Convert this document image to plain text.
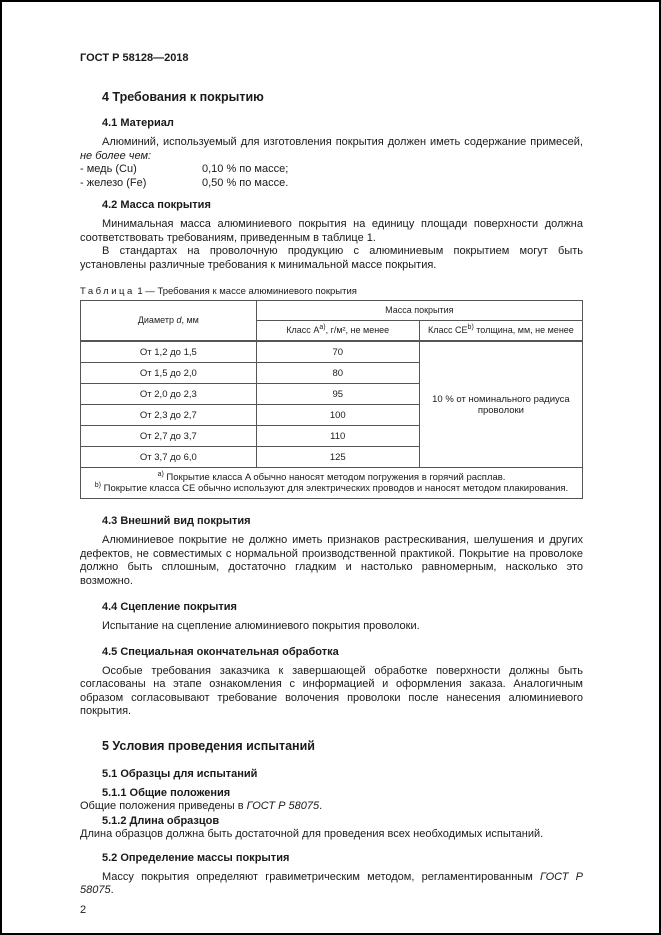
ГОСТ Р 58128—2018
4 Требования к покрытию
4.1 Материал

Алюминий, используемый для изготовления покрытия должен иметь содержание примесей, не более чем:

- медь (Cu)	0,10 % по массе;
- железо (Fe)	0,50 % по массе.
4.2 Масса покрытия

Минимальная масса алюминиевого покрытия на единицу площади поверхности должна соответствовать требованиям, приведенным в таблице 1.

В стандартах на проволочную продукцию с алюминиевым покрытием могут быть установлены различные требования к минимальной массе покрытия.

Таблица 1 — Требования к массе алюминиевого покрытия

Диаметр d, мм	Масса покрытия	
	Класс $A^{a)}$, г/м², не менее	Класс CE$^{b)}$ толщина, мм, не менее
От 1,2 до 1,5	70	10 % от номинального радиуса проволоки
От 1,5 до 2,0	80	
От 2,0 до 2,3	95	
От 2,3 до 2,7	100	
От 2,7 до 3,7	110	
От 3,7 до 6,0	125	

$^{a)}$ Покрытие класса A обычно наносят методом погружения в горячий расплав.
$^{b)}$ Покрытие класса CE обычно используют для электрических проводов и наносят методом плакирования.		
4.3 Внешний вид покрытия

Алюминиевое покрытие не должно иметь признаков растрескивания, шелушения и других дефектов, не совместимых с нормальной производственной практикой. Покрытие на проволоке должно быть сплошным, достаточно гладким и настолько равномерным, насколько это возможно.

4.4 Сцепление покрытия

Испытание на сцепление алюминиевого покрытия проволоки.

4.5 Специальная окончательная обработка

Особые требования заказчика к завершающей обработке поверхности должны быть согласованы на этапе ознакомления с информацией и оформления заказа. Аналогичным образом согласовывают требование волочения проволоки после нанесения алюминиевого покрытия.

5 Условия проведения испытаний
5.1 Образцы для испытаний
5.1.1 Общие положения

Общие положения приведены в ГОСТ Р 58075.

5.1.2 Длина образцов

Длина образцов должна быть достаточной для проведения всех необходимых испытаний.

5.2 Определение массы покрытия

Массу покрытия определяют гравиметрическим методом, регламентированным ГОСТ Р 58075.

2
